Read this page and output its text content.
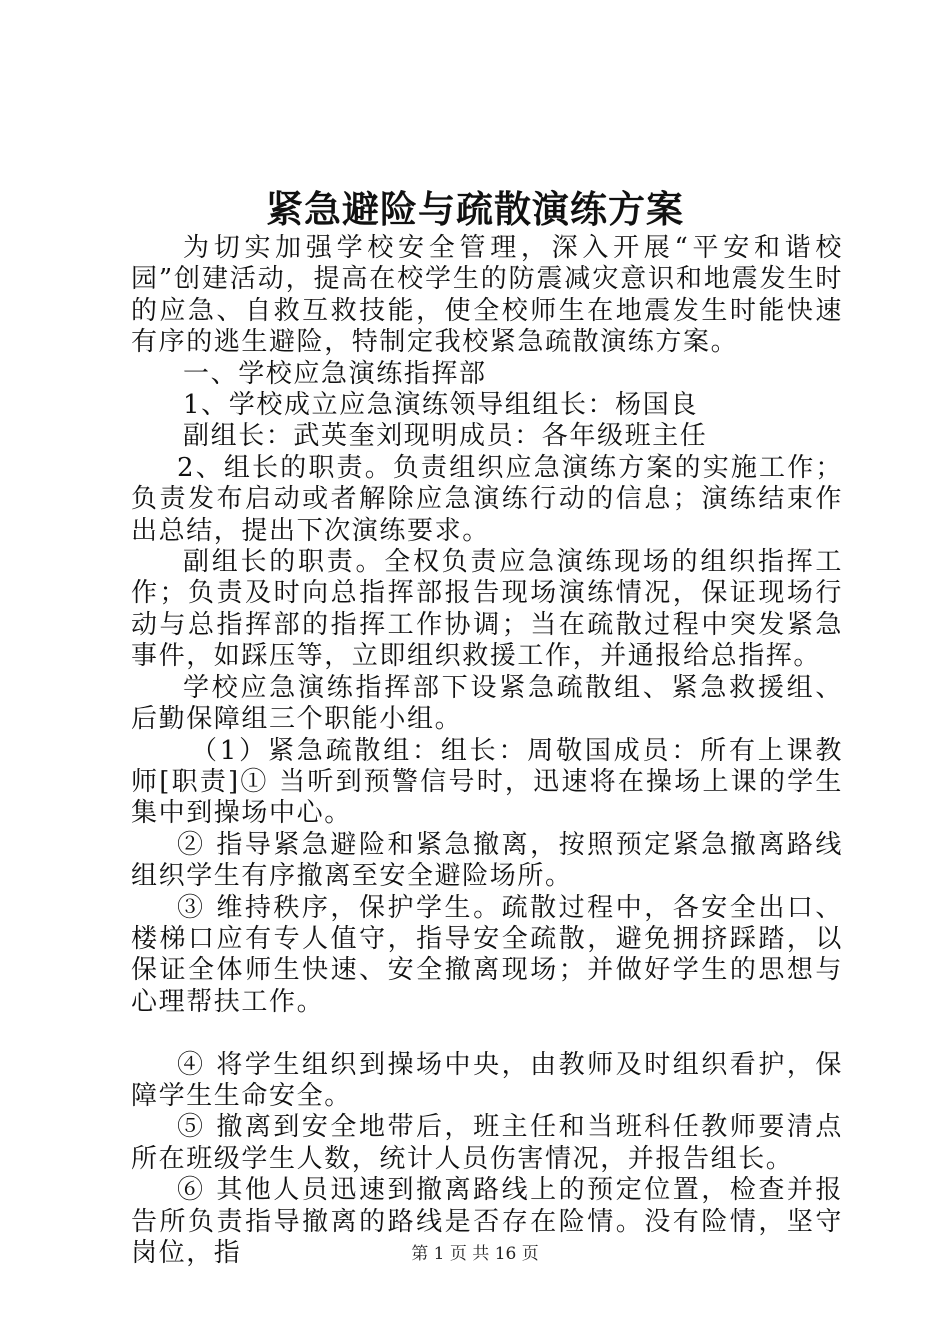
紧急避险与疏散演练方案

为切实加强学校安全管理，深入开展“平安和谐校园”创建活动，提高在校学生的防震减灾意识和地震发生时的应急、自救互救技能，使全校师生在地震发生时能快速有序的逃生避险，特制定我校紧急疏散演练方案。

一、学校应急演练指挥部

1、学校成立应急演练领导组组长：杨国良

副组长：武英奎刘现明成员：各年级班主任

2、组长的职责。负责组织应急演练方案的实施工作；负责发布启动或者解除应急演练行动的信息；演练结束作出总结，提出下次演练要求。

副组长的职责。全权负责应急演练现场的组织指挥工作；负责及时向总指挥部报告现场演练情况，保证现场行动与总指挥部的指挥工作协调；当在疏散过程中突发紧急事件，如踩压等，立即组织救援工作，并通报给总指挥。

学校应急演练指挥部下设紧急疏散组、紧急救援组、后勤保障组三个职能小组。

（1）紧急疏散组：组长：周敬国成员：所有上课教师[职责]① 当听到预警信号时，迅速将在操场上课的学生集中到操场中心。

② 指导紧急避险和紧急撤离，按照预定紧急撤离路线组织学生有序撤离至安全避险场所。

③ 维持秩序，保护学生。疏散过程中，各安全出口、楼梯口应有专人值守，指导安全疏散，避免拥挤踩踏，以保证全体师生快速、安全撤离现场；并做好学生的思想与心理帮扶工作。

④ 将学生组织到操场中央，由教师及时组织看护，保障学生生命安全。

⑤ 撤离到安全地带后，班主任和当班科任教师要清点所在班级学生人数，统计人员伤害情况，并报告组长。

⑥ 其他人员迅速到撤离路线上的预定位置，检查并报告所负责指导撤离的路线是否存在险情。没有险情，坚守岗位，指	第 1 页 共 16 页
